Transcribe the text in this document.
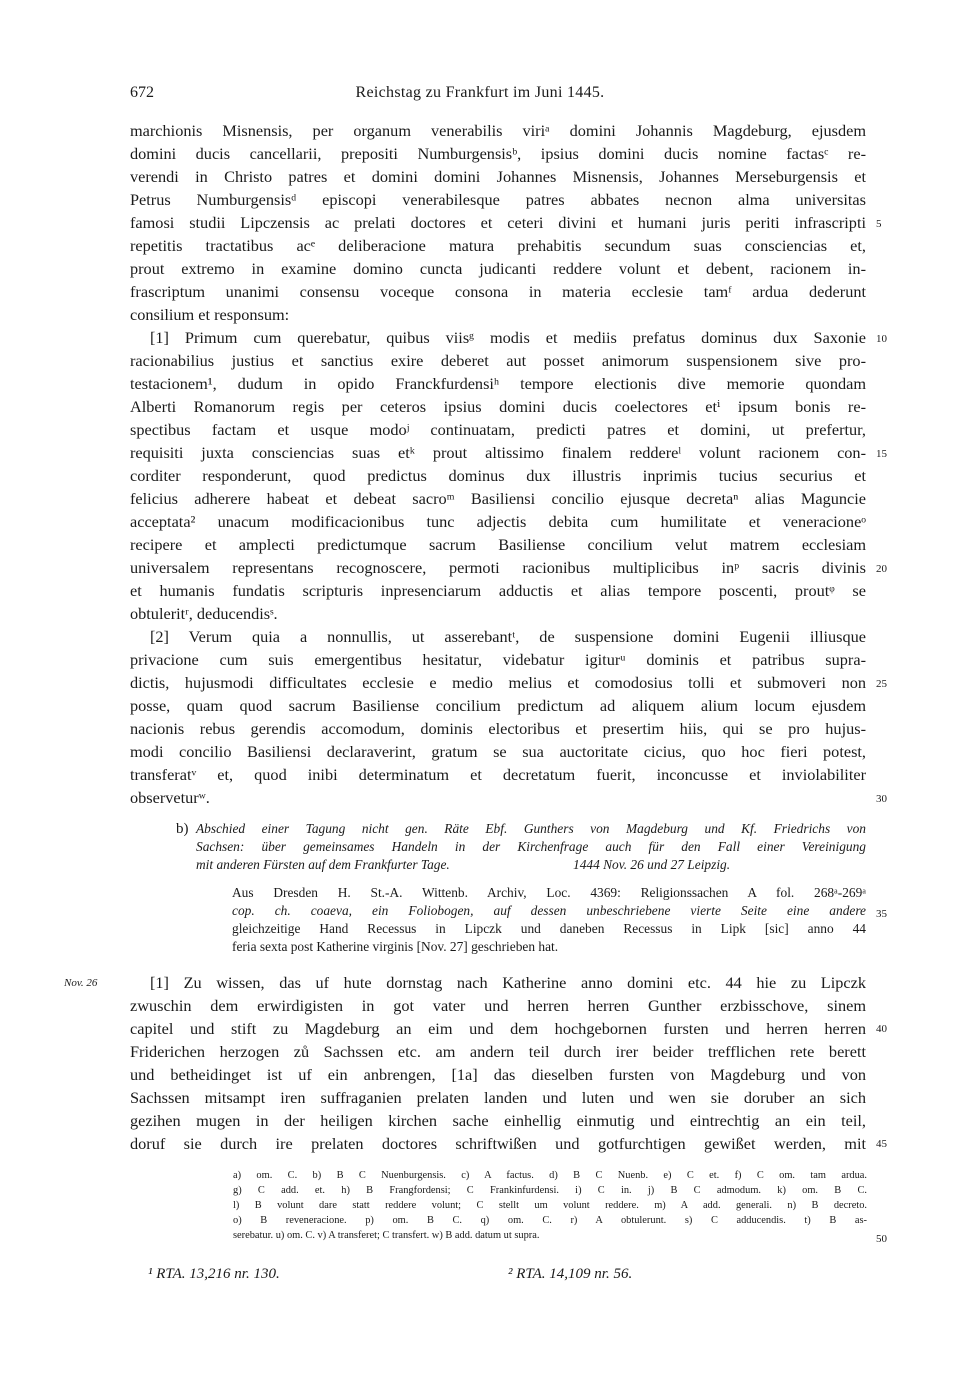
672	Reichstag zu Frankfurt im Juni 1445.
marchionis Misnensis, per organum venerabilis viriᵃ domini Johannis Magdeburg, ejusdem
domini ducis cancellarii, prepositi Numburgensisᵇ, ipsius domini ducis nomine factasᶜ re-
verendi in Christo patres et domini domini Johannes Misnensis, Johannes Merseburgensis et
Petrus Numburgensisᵈ episcopi venerabilesque patres abbates necnon alma universitas
famosi studii Lipczensis ac prelati doctores et ceteri divini et humani juris periti infrascripti
repetitis tractatibus acᵉ deliberacione matura prehabitis secundum suas consciencias et,
prout extremo in examine domino cuncta judicanti reddere volunt et debent, racionem in-
frascriptum unanimi consensu voceque consona in materia ecclesie tamᶠ ardua dederunt
consilium et responsum:
[1] Primum cum querebatur, quibus viisᵍ modis et mediis prefatus dominus dux Saxonie
racionabilius justius et sanctius exire deberet aut posset animorum suspensionem sive pro-
testacionem¹, dudum in opido Franckfurdensiʰ tempore electionis dive memorie quondam
Alberti Romanorum regis per ceteros ipsius domini ducis coelectores etⁱ ipsum bonis re-
spectibus factam et usque modoʲ continuatam, predicti patres et domini, ut prefertur,
requisiti juxta consciencias suas etᵏ prout altissimo finalem reddereˡ volunt racionem con-
corditer responderunt, quod predictus dominus dux illustris inprimis tucius securius et
felicius adherere habeat et debeat sacroᵐ Basiliensi concilio ejusque decretaⁿ alias Maguncie
acceptata² unacum modificacionibus tunc adjectis debita cum humilitate et veneracioneᵒ
recipere et amplecti predictumque sacrum Basiliense concilium velut matrem ecclesiam
universalem representans recognoscere, permoti racionibus multiplicibus inᵖ sacris divinis
et humanis fundatis scripturis inpresenciarum adductis et alias tempore poscenti, proutᵠ se
obtuleritʳ, deducendisˢ.
[2] Verum quia a nonnullis, ut asserebantᵗ, de suspensione domini Eugenii illiusque
privacione cum suis emergentibus hesitatur, videbatur igiturᵘ dominis et patribus supra-
dictis, hujusmodi difficultates ecclesie e medio melius et comodosius tolli et submoveri non
posse, quam quod sacrum Basiliense concilium predictum ad aliquem alium locum ejusdem
nacionis rebus gerendis accomodum, dominis electoribus et presertim hiis, qui se pro hujus-
modi concilio Basiliensi declaraverint, gratum se sua auctoritate cicius, quo hoc fieri potest,
transferatᵛ et, quod inibi determinatum et decretatum fuerit, inconcusse et inviolabiliter
observeturʷ.
5
10
15
20
25
30
35
40
45
50
b) Abschied einer Tagung nicht gen. Räte Ebf. Gunthers von Magdeburg und Kf. Friedrichs von
Sachsen: über gemeinsames Handeln in der Kirchenfrage auch für den Fall einer Vereinigung
mit anderen Fürsten auf dem Frankfurter Tage.	1444 Nov. 26 und 27 Leipzig.
Aus Dresden H. St.-A. Wittenb. Archiv, Loc. 4369: Religionssachen A fol. 268ᵃ-269ᵃ
cop. ch. coaeva, ein Foliobogen, auf dessen unbeschriebene vierte Seite eine andere
gleichzeitige Hand Recessus in Lipczk und daneben Recessus in Lipk [sic] anno 44
feria sexta post Katherine virginis [Nov. 27] geschrieben hat.
Nov. 26	[1] Zu wissen, das uf hute dornstag nach Katherine anno domini etc. 44 hie zu Lipczk
zwuschin dem erwirdigisten in got vater und herren herren Gunther erzbisschove, sinem
capitel und stift zu Magdeburg an eim und dem hochgebornen fursten und herren herren
Friderichen herzogen zů Sachssen etc. am andern teil durch irer beider trefflichen rete berett
und betheidinget ist uf ein anbrengen, [1a] das dieselben fursten von Magdeburg und von
Sachssen mitsampt iren suffraganien prelaten landen und luten und wen sie doruber an sich
gezihen mugen in der heiligen kirchen sache einhellig einmutig und eintrechtig an ein teil,
doruf sie durch ire prelaten doctores schriftwißen und gotfurchtigen gewißet werden, mit
a) om. C. b) B C Nuenburgensis. c) A factus. d) B C Nuenb. e) C et. f) C om. tam ardua.
g) C add. et. h) B Frangfordensi; C Frankinfurdensi. i) C in. j) B C admodum. k) om. B C.
l) B volunt dare statt reddere volunt; C stellt um volunt reddere. m) A add. generali. n) B decreto.
o) B reveneracione. p) om. B C. q) om. C. r) A obtulerunt. s) C adducendis. t) B as-
serebatur. u) om. C. v) A transferet; C transfert. w) B add. datum ut supra.
¹ RTA. 13,216 nr. 130.	² RTA. 14,109 nr. 56.
